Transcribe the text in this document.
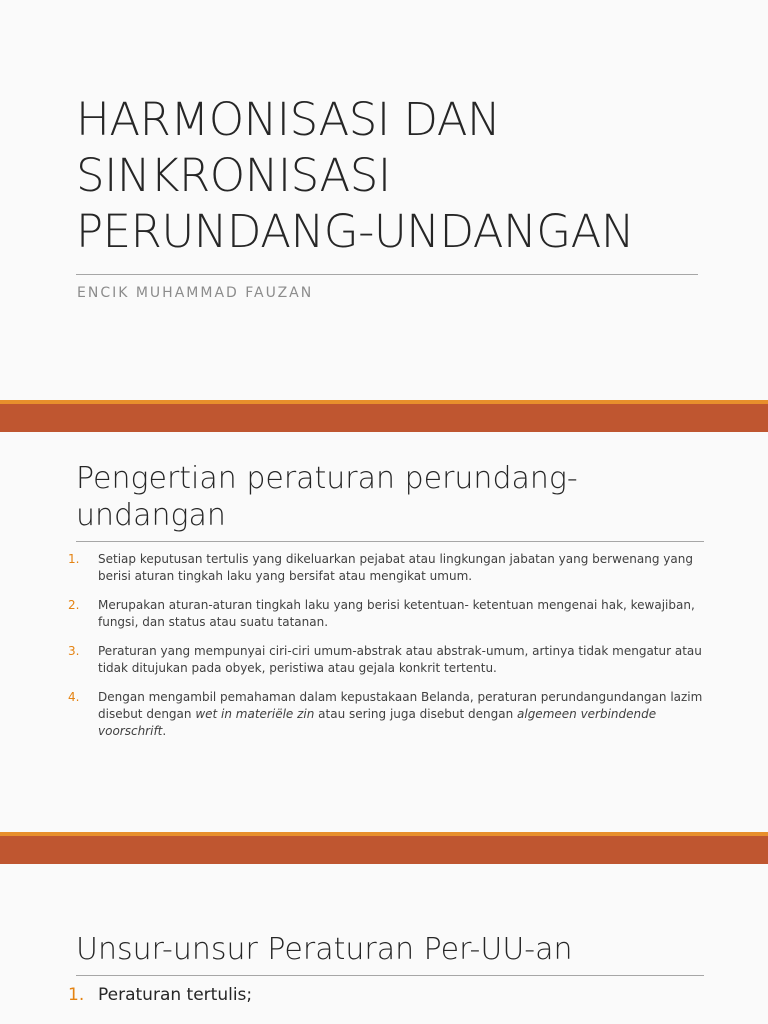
HARMONISASI DAN
SINKRONISASI
PERUNDANG-UNDANGAN

ENCIK MUHAMMAD FAUZAN

Pengertian peraturan perundang-
undangan
1. Setiap keputusan tertulis yang dikeluarkan pejabat atau lingkungan jabatan yang berwenang yang berisi aturan tingkah laku yang bersifat atau mengikat umum.
2. Merupakan aturan-aturan tingkah laku yang berisi ketentuan- ketentuan mengenai hak, kewajiban, fungsi, dan status atau suatu tatanan.
3. Peraturan yang mempunyai ciri-ciri umum-abstrak atau abstrak-umum, artinya tidak mengatur atau tidak ditujukan pada obyek, peristiwa atau gejala konkrit tertentu.
4. Dengan mengambil pemahaman dalam kepustakaan Belanda, peraturan perundangundangan lazim disebut dengan wet in materiële zin atau sering juga disebut dengan algemeen verbindende voorschrift.
Unsur-unsur Peraturan Per-UU-an
1. Peraturan tertulis;
